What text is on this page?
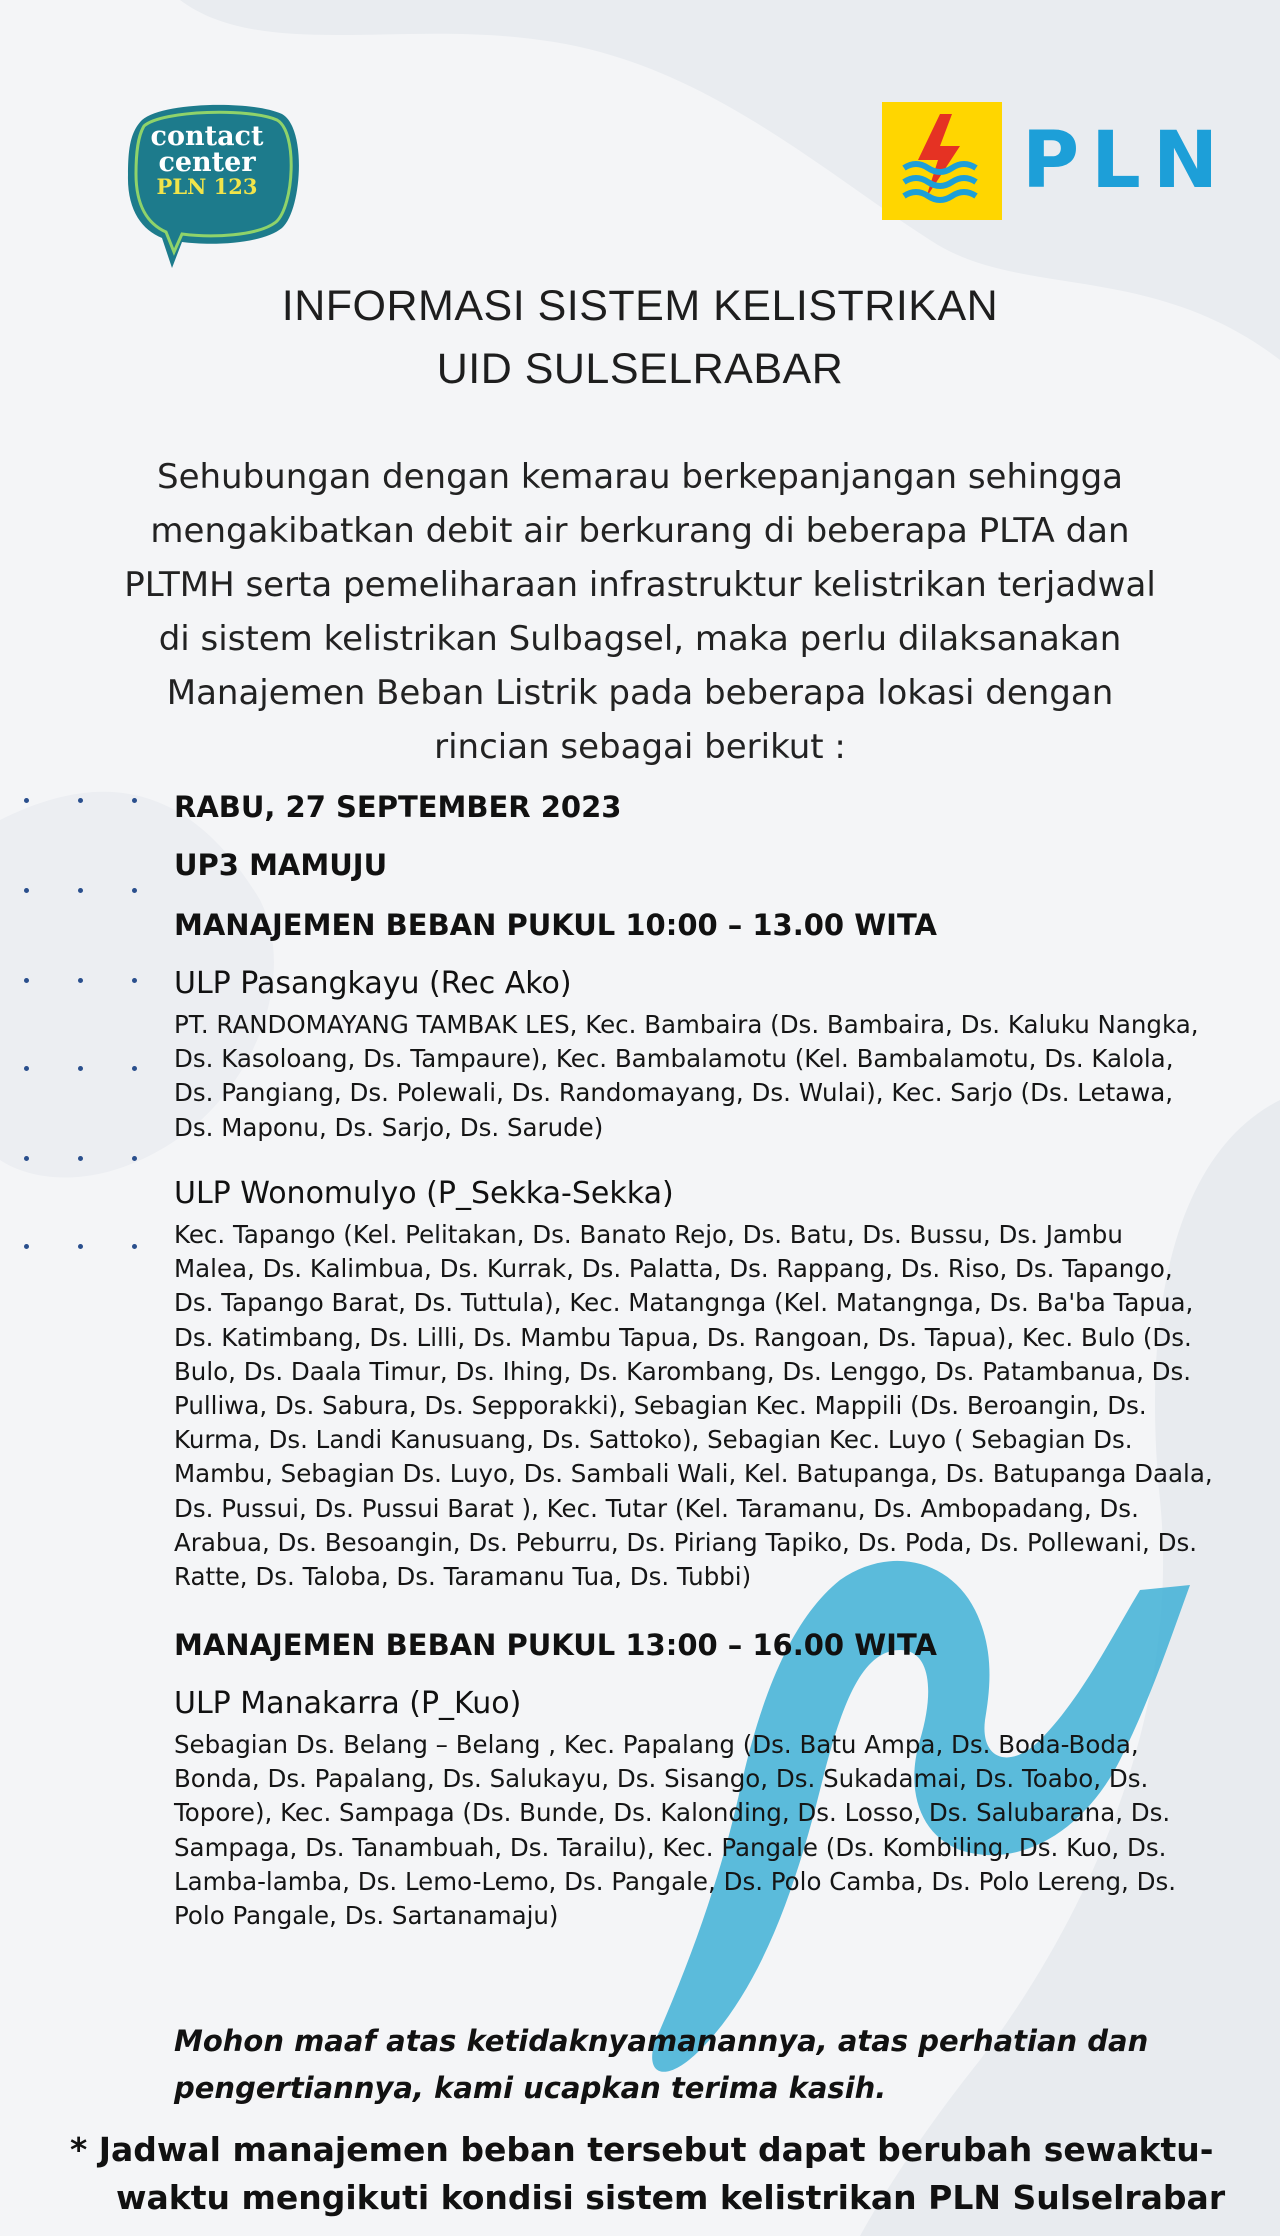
contact
center
PLN 123	PLN
INFORMASI SISTEM KELISTRIKAN
UID SULSELRABAR
Sehubungan dengan kemarau berkepanjangan sehingga
mengakibatkan debit air berkurang di beberapa PLTA dan
PLTMH serta pemeliharaan infrastruktur kelistrikan terjadwal
di sistem kelistrikan Sulbagsel, maka perlu dilaksanakan
Manajemen Beban Listrik pada beberapa lokasi dengan
rincian sebagai berikut :
RABU, 27 SEPTEMBER 2023
UP3 MAMUJU
MANAJEMEN BEBAN PUKUL 10:00 – 13.00 WITA
ULP Pasangkayu (Rec Ako)
PT. RANDOMAYANG TAMBAK LES, Kec. Bambaira (Ds. Bambaira, Ds. Kaluku Nangka,
Ds. Kasoloang, Ds. Tampaure), Kec. Bambalamotu (Kel. Bambalamotu, Ds. Kalola,
Ds. Pangiang, Ds. Polewali, Ds. Randomayang, Ds. Wulai), Kec. Sarjo (Ds. Letawa,
Ds. Maponu, Ds. Sarjo, Ds. Sarude)
ULP Wonomulyo (P_Sekka-Sekka)
Kec. Tapango (Kel. Pelitakan, Ds. Banato Rejo, Ds. Batu, Ds. Bussu, Ds. Jambu
Malea, Ds. Kalimbua, Ds. Kurrak, Ds. Palatta, Ds. Rappang, Ds. Riso, Ds. Tapango,
Ds. Tapango Barat, Ds. Tuttula), Kec. Matangnga (Kel. Matangnga, Ds. Ba'ba Tapua,
Ds. Katimbang, Ds. Lilli, Ds. Mambu Tapua, Ds. Rangoan, Ds. Tapua), Kec. Bulo (Ds.
Bulo, Ds. Daala Timur, Ds. Ihing, Ds. Karombang, Ds. Lenggo, Ds. Patambanua, Ds.
Pulliwa, Ds. Sabura, Ds. Sepporakki), Sebagian Kec. Mappili (Ds. Beroangin, Ds.
Kurma, Ds. Landi Kanusuang, Ds. Sattoko), Sebagian Kec. Luyo ( Sebagian Ds.
Mambu, Sebagian Ds. Luyo, Ds. Sambali Wali, Kel. Batupanga, Ds. Batupanga Daala,
Ds. Pussui, Ds. Pussui Barat ), Kec. Tutar (Kel. Taramanu, Ds. Ambopadang, Ds.
Arabua, Ds. Besoangin, Ds. Peburru, Ds. Piriang Tapiko, Ds. Poda, Ds. Pollewani, Ds.
Ratte, Ds. Taloba, Ds. Taramanu Tua, Ds. Tubbi)
MANAJEMEN BEBAN PUKUL 13:00 – 16.00 WITA
ULP Manakarra (P_Kuo)
Sebagian Ds. Belang – Belang , Kec. Papalang (Ds. Batu Ampa, Ds. Boda-Boda,
Bonda, Ds. Papalang, Ds. Salukayu, Ds. Sisango, Ds. Sukadamai, Ds. Toabo, Ds.
Topore), Kec. Sampaga (Ds. Bunde, Ds. Kalonding, Ds. Losso, Ds. Salubarana, Ds.
Sampaga, Ds. Tanambuah, Ds. Tarailu), Kec. Pangale (Ds. Kombiling, Ds. Kuo, Ds.
Lamba-lamba, Ds. Lemo-Lemo, Ds. Pangale, Ds. Polo Camba, Ds. Polo Lereng, Ds.
Polo Pangale, Ds. Sartanamaju)
Mohon maaf atas ketidaknyamanannya, atas perhatian dan
pengertiannya, kami ucapkan terima kasih.
* Jadwal manajemen beban tersebut dapat berubah sewaktu-
waktu mengikuti kondisi sistem kelistrikan PLN Sulselrabar
